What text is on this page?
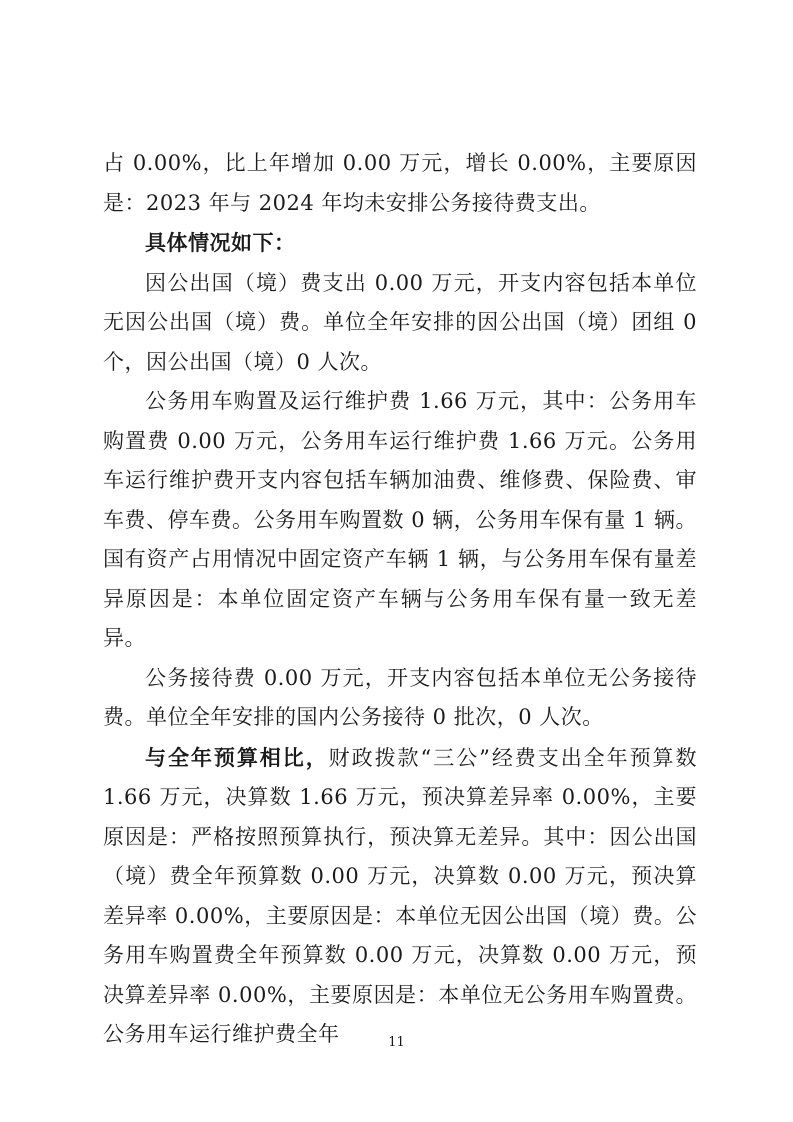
占 0.00%，比上年增加 0.00 万元，增长 0.00%，主要原因是：2023 年与 2024 年均未安排公务接待费支出。

具体情况如下：

因公出国（境）费支出 0.00 万元，开支内容包括本单位无因公出国（境）费。单位全年安排的因公出国（境）团组 0 个，因公出国（境）0 人次。

公务用车购置及运行维护费 1.66 万元，其中：公务用车购置费 0.00 万元，公务用车运行维护费 1.66 万元。公务用车运行维护费开支内容包括车辆加油费、维修费、保险费、审车费、停车费。公务用车购置数 0 辆，公务用车保有量 1 辆。国有资产占用情况中固定资产车辆 1 辆，与公务用车保有量差异原因是：本单位固定资产车辆与公务用车保有量一致无差异。

公务接待费 0.00 万元，开支内容包括本单位无公务接待费。单位全年安排的国内公务接待 0 批次，0 人次。

与全年预算相比，财政拨款“三公”经费支出全年预算数 1.66 万元，决算数 1.66 万元，预决算差异率 0.00%，主要原因是：严格按照预算执行，预决算无差异。其中：因公出国（境）费全年预算数 0.00 万元，决算数 0.00 万元，预决算差异率 0.00%，主要原因是：本单位无因公出国（境）费。公务用车购置费全年预算数 0.00 万元，决算数 0.00 万元，预决算差异率 0.00%，主要原因是：本单位无公务用车购置费。公务用车运行维护费全年	11
